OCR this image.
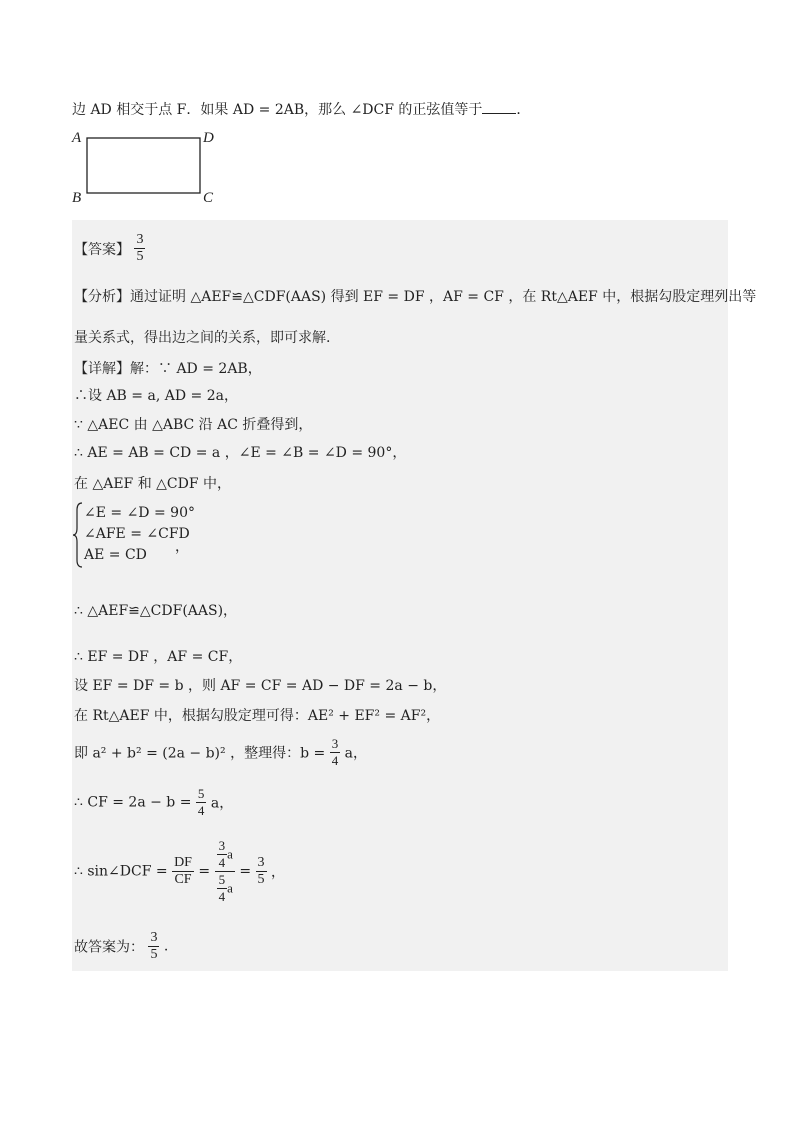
边 AD 相交于点 F．如果 AD = 2AB，那么 ∠DCF 的正弦值等于 ．
A	D
B	C
【答案】 $\frac{3}{5}$
【分析】通过证明 △AEF≌△CDF(AAS) 得到 EF = DF ，AF = CF ，在 Rt△AEF 中，根据勾股定理列出等
量关系式，得出边之间的关系，即可求解.
【详解】解：∵ AD = 2AB，
∴设 AB = a, AD = 2a，
∵ △AEC 由 △ABC 沿 AC 折叠得到，
∴ AE = AB = CD = a ，∠E = ∠B = ∠D = 90°，
在 △AEF 和 △CDF 中，
∠E = ∠D = 90°
∠AFE = ∠CFD
AE = CD	，
∴ △AEF≌△CDF(AAS)，
∴ EF = DF ，AF = CF，
设 EF = DF = b ，则 AF = CF = AD − DF = 2a − b，
在 Rt△AEF 中，根据勾股定理可得：AE² + EF² = AF²，
即 a² + b² = (2a − b)² ，整理得：$b = \frac{3}{4}$ a，
∴ CF = $2a - b = \frac{5}{4}$ a，
∴ sin∠DCF = $\frac{DF}{CF} = \frac{\frac{3}{4} a}{\frac{5}{4} a} = \frac{3}{5}$ ，
故答案为： $\frac{3}{5}$ .
